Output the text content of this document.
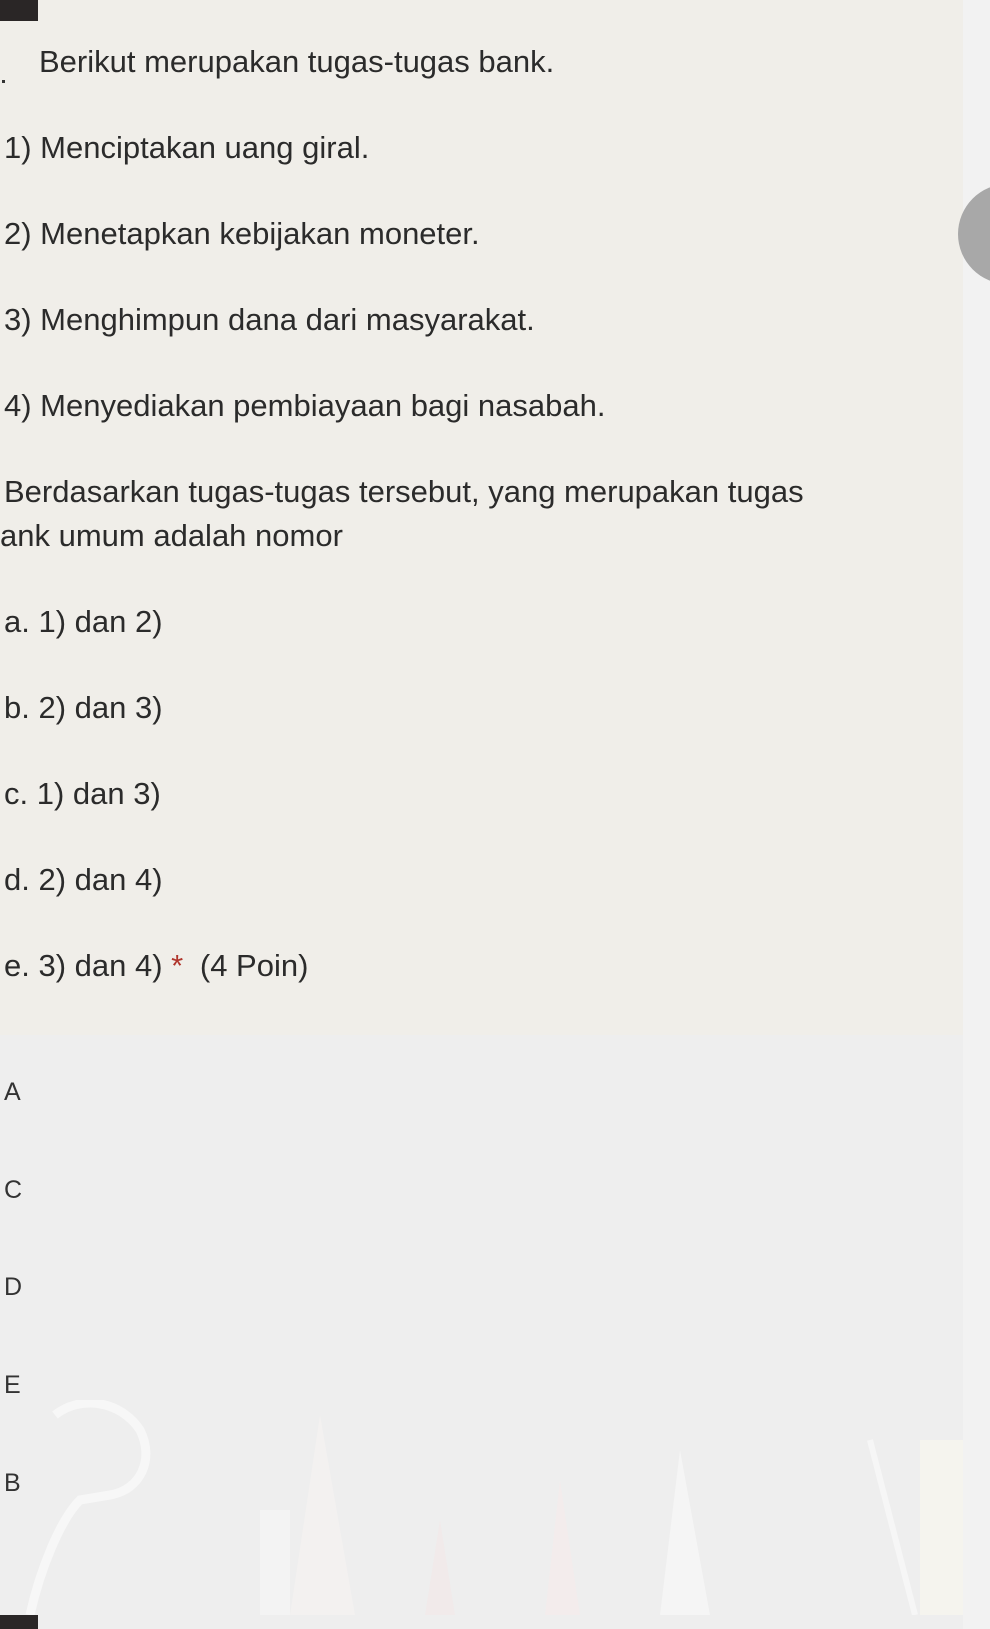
Berikut merupakan tugas-tugas bank.
1) Menciptakan uang giral.
2) Menetapkan kebijakan moneter.
3) Menghimpun dana dari masyarakat.
4) Menyediakan pembiayaan bagi nasabah.
Berdasarkan tugas-tugas tersebut, yang merupakan tugas
ank umum adalah nomor
a. 1) dan 2)
b. 2) dan 3)
c. 1) dan 3)
d. 2) dan 4)
e. 3) dan 4) * (4 Poin)
A
C
D
E
B
